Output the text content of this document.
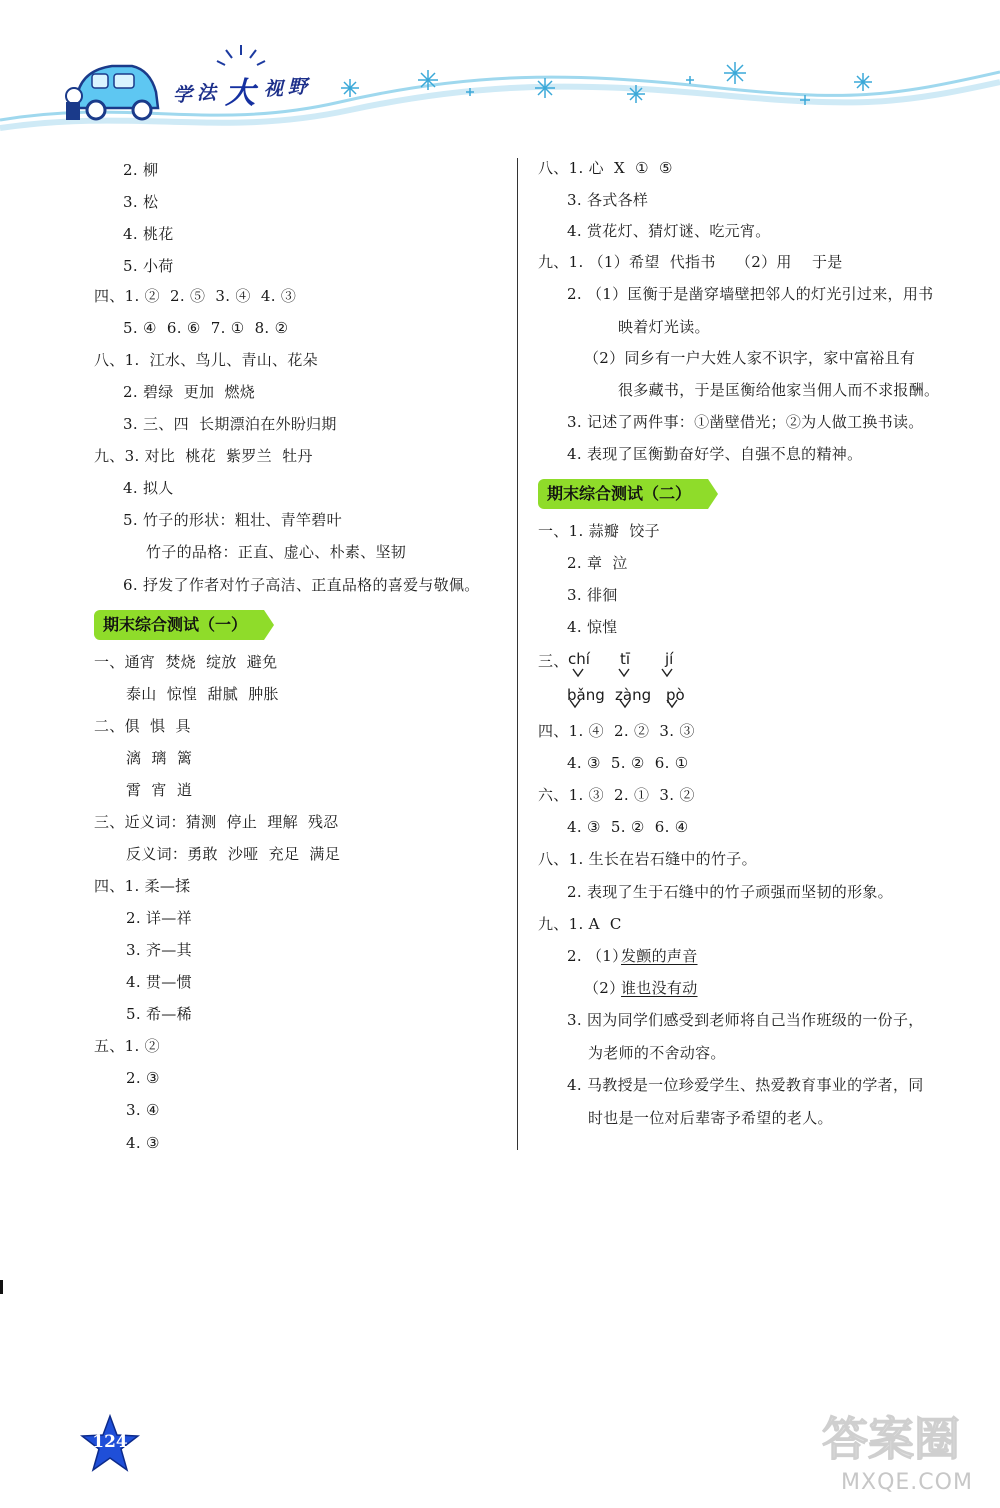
学 法 大 视 野
2. 柳
3. 松
4. 桃花
5. 小荷
四、1. ②  2. ⑤  3. ④  4. ③
5. ④  6. ⑥  7. ①  8. ②
八、1.  江水、鸟儿、青山、花朵
2. 碧绿  更加  燃烧
3. 三、四  长期漂泊在外盼归期
九、3. 对比  桃花  紫罗兰  牡丹
4. 拟人
5. 竹子的形状：粗壮、青竿碧叶
竹子的品格：正直、虚心、朴素、坚韧
6. 抒发了作者对竹子高洁、正直品格的喜爱与敬佩。
期末综合测试（一）
一、通宵  焚烧  绽放  避免
泰山  惊惶  甜腻  肿胀
二、俱  惧  具
漓  璃  篱
霄  宵  逍
三、近义词：猜测  停止  理解  残忍
反义词：勇敢  沙哑  充足  满足
四、1. 柔—揉
2. 详—祥
3. 齐—其
4. 贯—惯
5. 希—稀
五、1. ②
2. ③
3. ④
4. ③
八、1. 心  X  ①  ⑤
3. 各式各样
4. 赏花灯、猜灯谜、吃元宵。
九、1. （1）希望  代指书    （2）用    于是
2. （1）匡衡于是凿穿墙壁把邻人的灯光引过来，用书
映着灯光读。
（2）同乡有一户大姓人家不识字，家中富裕且有
很多藏书，于是匡衡给他家当佣人而不求报酬。
3. 记述了两件事：①凿壁借光；②为人做工换书读。
4. 表现了匡衡勤奋好学、自强不息的精神。
期末综合测试（二）
一、1. 蒜瓣  饺子
2. 章  泣
3. 徘徊
4. 惊惶
三、 chí tī jí
bǎng zàng pò
四、1. ④  2. ②  3. ③
4. ③  5. ②  6. ①
六、1. ③  2. ①  3. ②
4. ③  5. ②  6. ④
八、1. 生长在岩石缝中的竹子。
2. 表现了生于石缝中的竹子顽强而坚韧的形象。
九、1. A  C
2. （1）
发颤的声音
（2）
谁也没有动
3. 因为同学们感受到老师将自己当作班级的一份子，
为老师的不舍动容。
4. 马教授是一位珍爱学生、热爱教育事业的学者，同
时也是一位对后辈寄予希望的老人。
124	答案圈
MXQE.COM
